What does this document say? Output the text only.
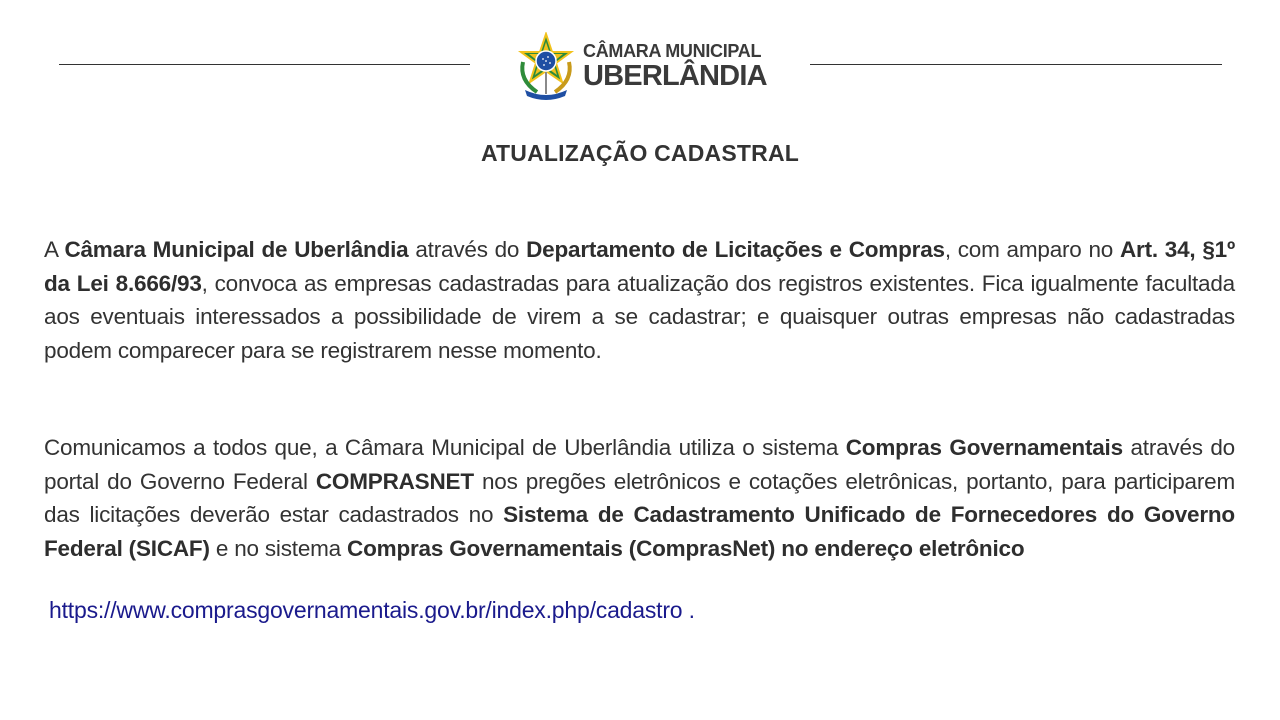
CÂMARA MUNICIPAL
UBERLÂNDIA
ATUALIZAÇÃO CADASTRAL
A Câmara Municipal de Uberlândia através do Departamento de Licitações e Compras, com amparo no Art. 34, §1º da Lei 8.666/93, convoca as empresas cadastradas para atualização dos registros existentes. Fica igualmente facultada aos eventuais interessados a possibilidade de virem a se cadastrar; e quaisquer outras empresas não cadastradas podem comparecer para se registrarem nesse momento.
Comunicamos a todos que, a Câmara Municipal de Uberlândia utiliza o sistema Compras Governamentais através do portal do Governo Federal COMPRASNET nos pregões eletrônicos e cotações eletrônicas, portanto, para participarem das licitações deverão estar cadastrados no Sistema de Cadastramento Unificado de Fornecedores do Governo Federal (SICAF) e no sistema Compras Governamentais (ComprasNet) no endereço eletrônico
https://www.comprasgovernamentais.gov.br/index.php/cadastro .
